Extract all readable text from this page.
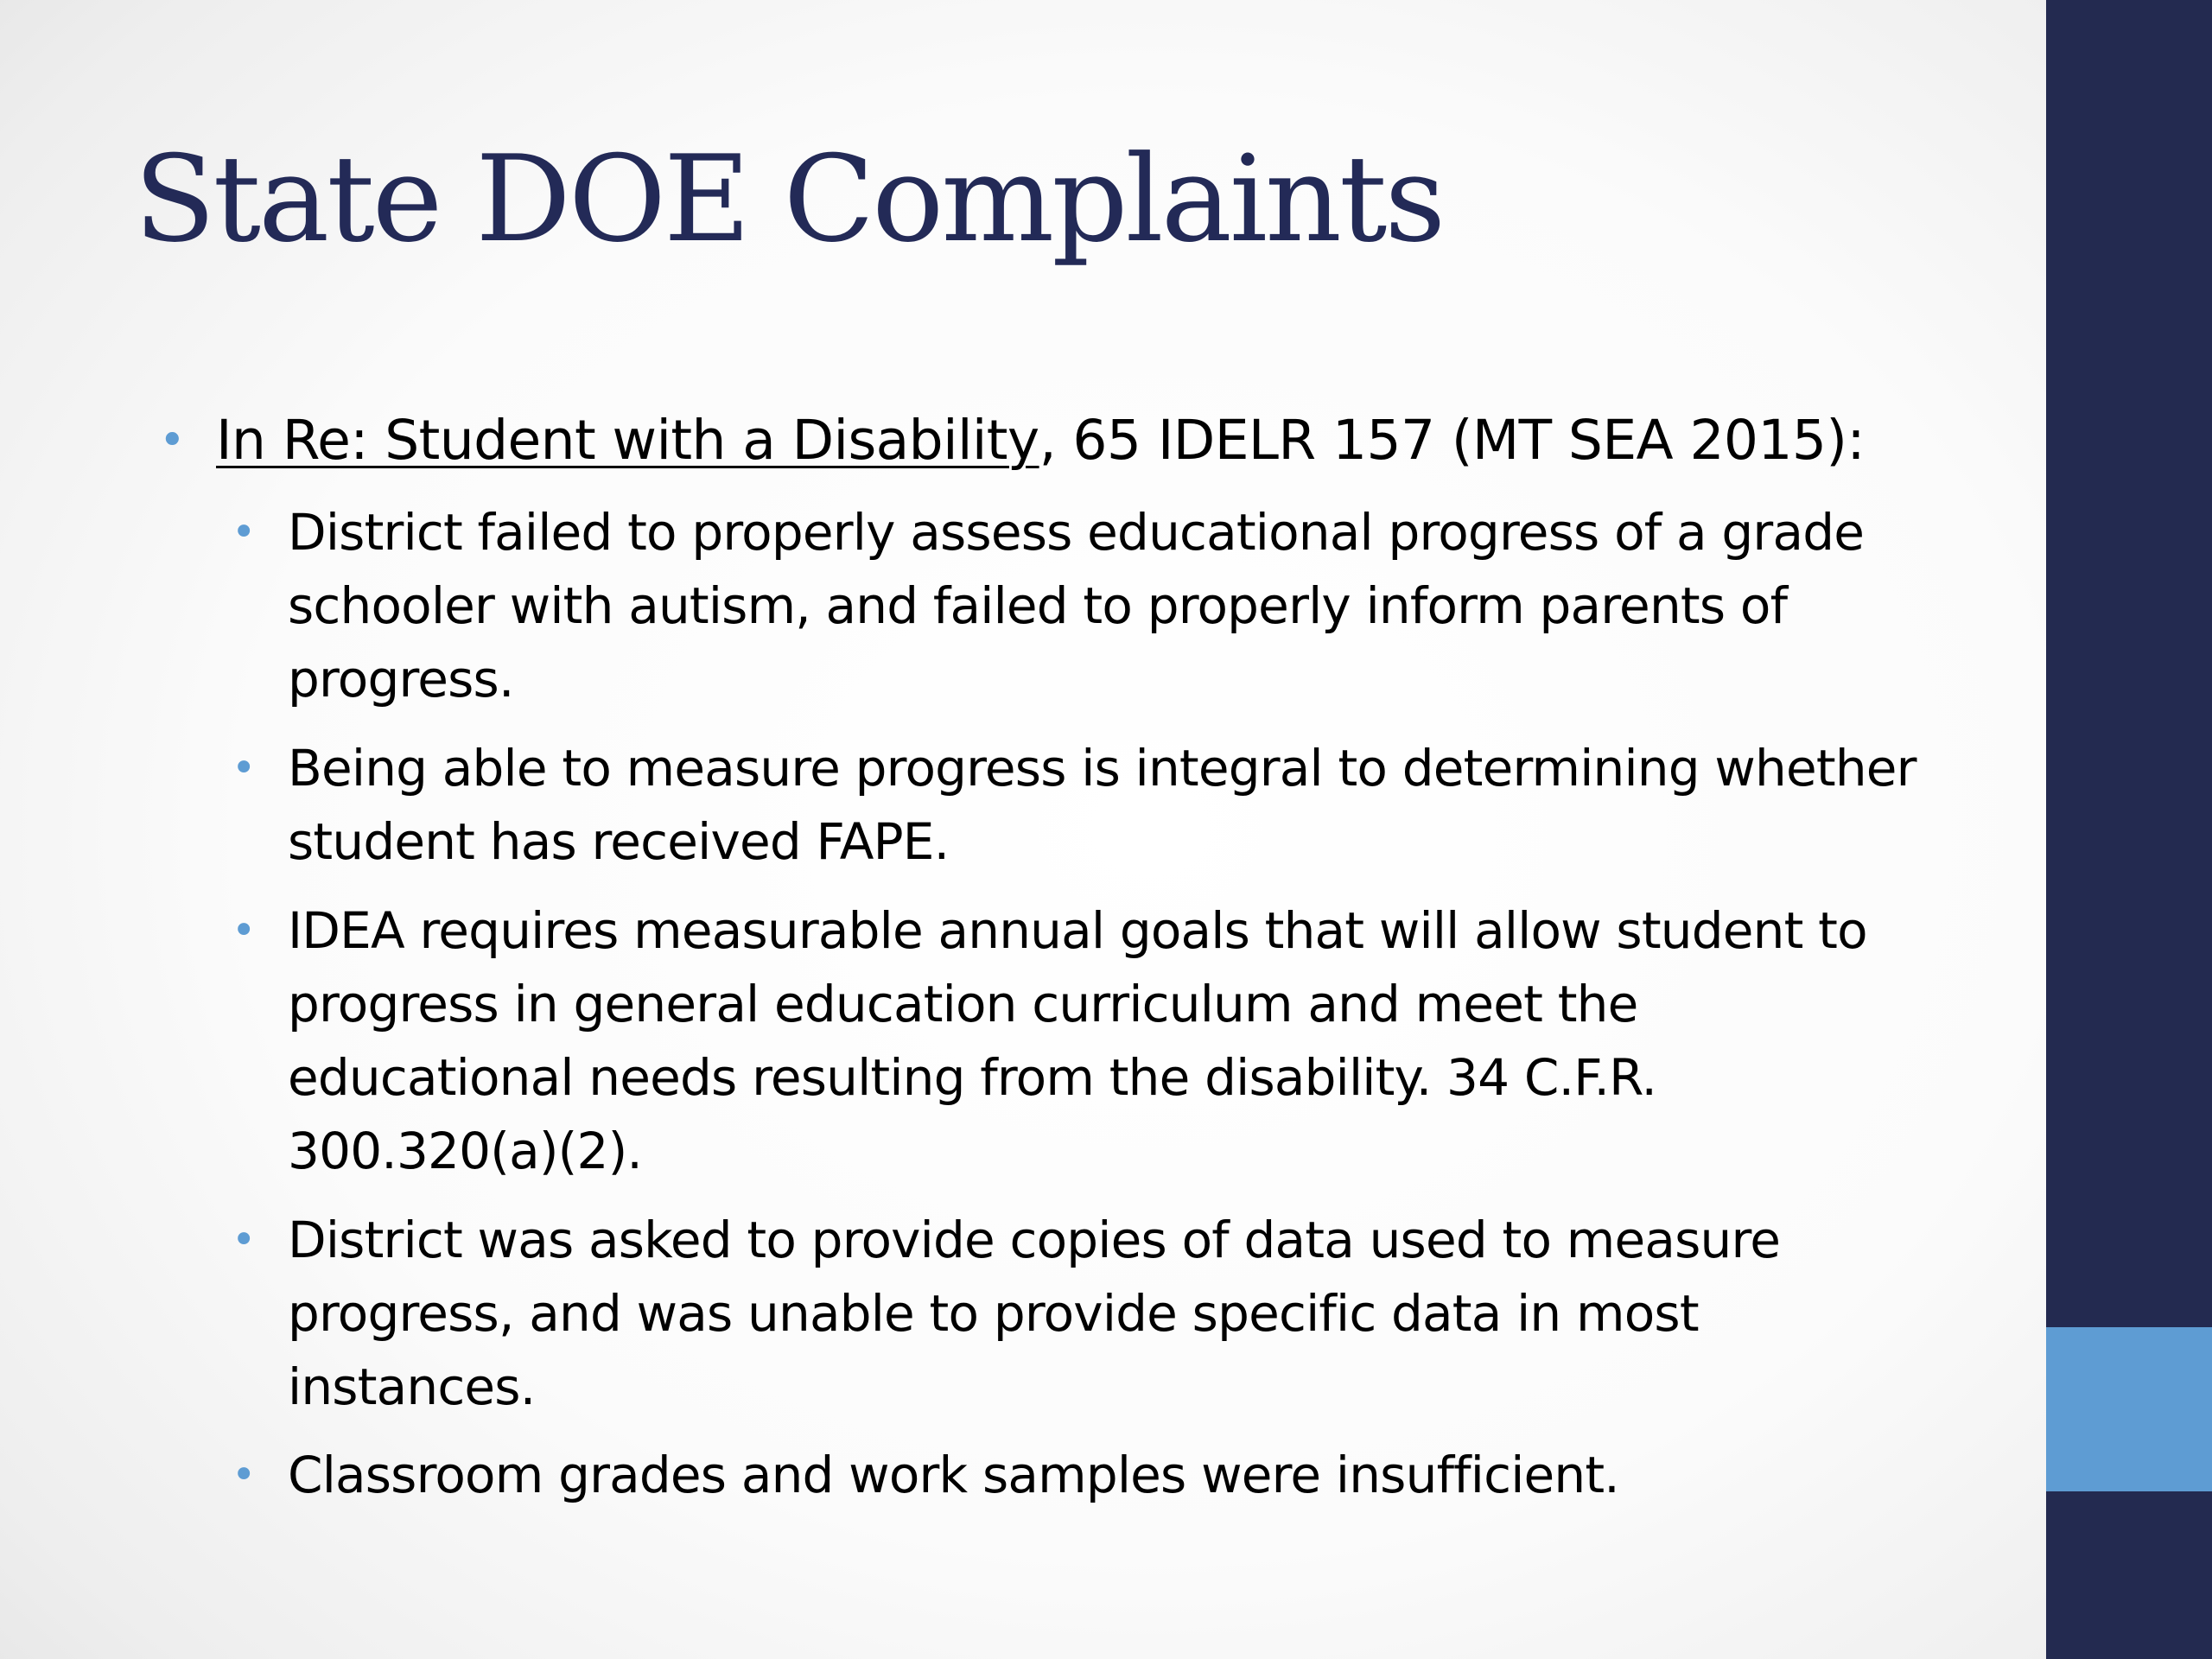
State DOE Complaints
• In Re: Student with a Disability, 65 IDELR 157 (MT SEA 2015):
• District failed to properly assess educational progress of a grade schooler with autism, and failed to properly inform parents of progress.
• Being able to measure progress is integral to determining whether student has received FAPE.
• IDEA requires measurable annual goals that will allow student to progress in general education curriculum and meet the educational needs resulting from the disability. 34 C.F.R. 300.320(a)(2).
• District was asked to provide copies of data used to measure progress, and was unable to provide specific data in most instances.
• Classroom grades and work samples were insufficient.
